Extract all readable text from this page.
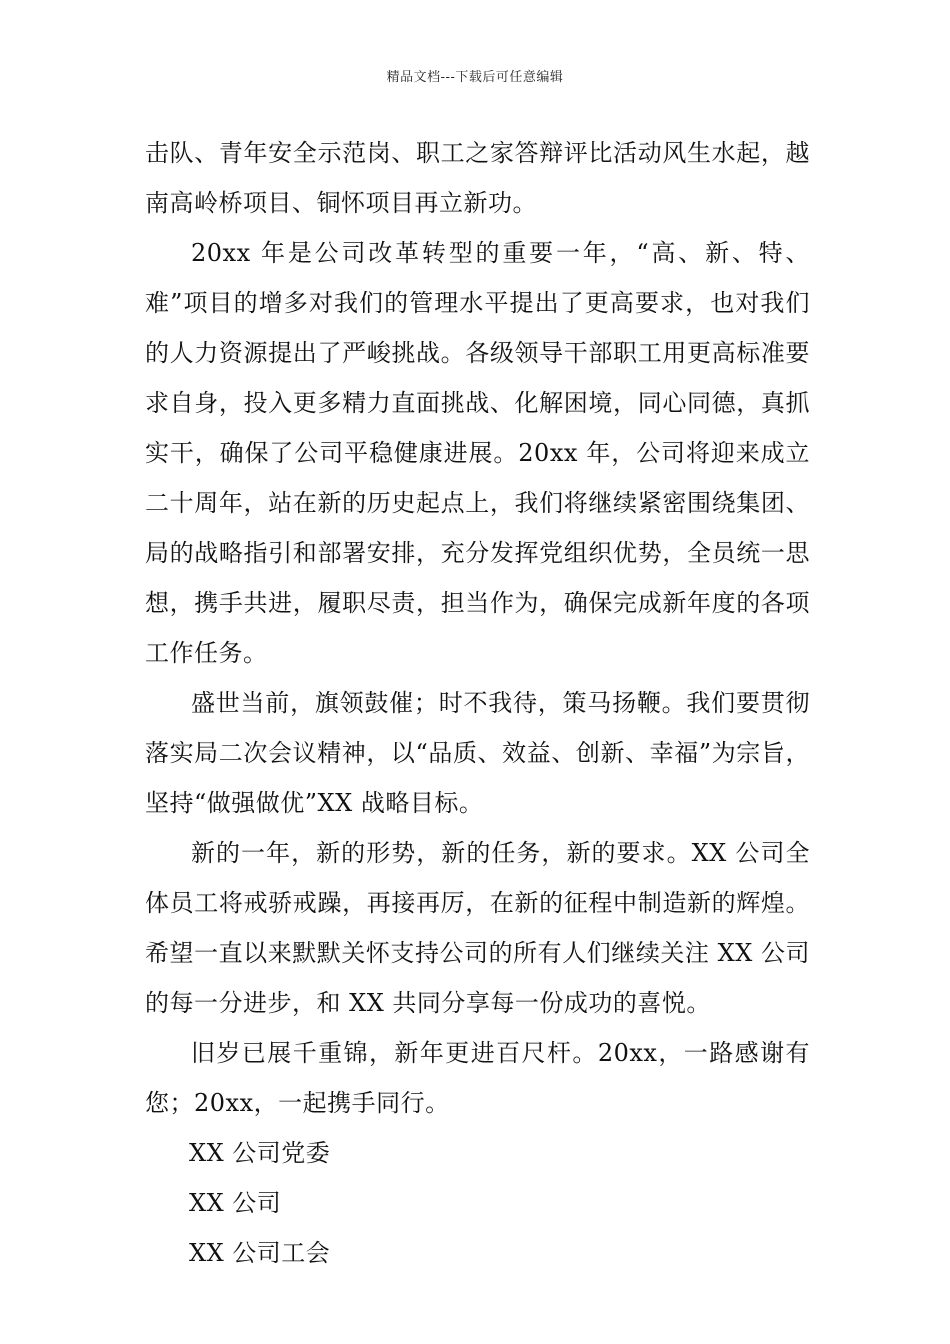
精品文档---下载后可任意编辑

击队、青年安全示范岗、职工之家答辩评比活动风生水起，越南高岭桥项目、铜怀项目再立新功。

20xx 年是公司改革转型的重要一年，“高、新、特、难”项目的增多对我们的管理水平提出了更高要求，也对我们的人力资源提出了严峻挑战。各级领导干部职工用更高标准要求自身，投入更多精力直面挑战、化解困境，同心同德，真抓实干，确保了公司平稳健康进展。20xx 年，公司将迎来成立二十周年，站在新的历史起点上，我们将继续紧密围绕集团、局的战略指引和部署安排，充分发挥党组织优势，全员统一思想，携手共进，履职尽责，担当作为，确保完成新年度的各项工作任务。

盛世当前，旗领鼓催；时不我待，策马扬鞭。我们要贯彻落实局二次会议精神，以“品质、效益、创新、幸福”为宗旨，坚持“做强做优”XX 战略目标。

新的一年，新的形势，新的任务，新的要求。XX 公司全体员工将戒骄戒躁，再接再厉，在新的征程中制造新的辉煌。希望一直以来默默关怀支持公司的所有人们继续关注 XX 公司的每一分进步，和 XX 共同分享每一份成功的喜悦。

旧岁已展千重锦，新年更进百尺杆。20xx，一路感谢有您；20xx，一起携手同行。

XX 公司党委

XX 公司

XX 公司工会
